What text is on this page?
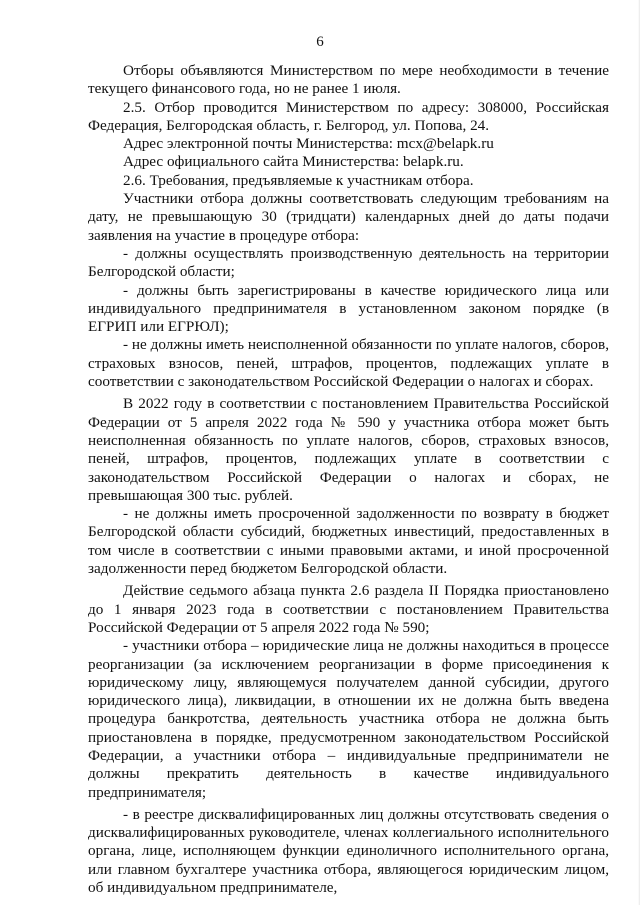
6

Отборы объявляются Министерством по мере необходимости в течение текущего финансового года, но не ранее 1 июля.

2.5. Отбор проводится Министерством по адресу: 308000, Российская Федерация, Белгородская область, г. Белгород, ул. Попова, 24.

Адрес электронной почты Министерства: mcx@belapk.ru

Адрес официального сайта Министерства: belapk.ru.

2.6. Требования, предъявляемые к участникам отбора.

Участники отбора должны соответствовать следующим требованиям на дату, не превышающую 30 (тридцати) календарных дней до даты подачи заявления на участие в процедуре отбора:

- должны осуществлять производственную деятельность на территории Белгородской области;

- должны быть зарегистрированы в качестве юридического лица или индивидуального предпринимателя в установленном законом порядке (в ЕГРИП или ЕГРЮЛ);

- не должны иметь неисполненной обязанности по уплате налогов, сборов, страховых взносов, пеней, штрафов, процентов, подлежащих уплате в соответствии с законодательством Российской Федерации о налогах и сборах.

В 2022 году в соответствии с постановлением Правительства Российской Федерации от 5 апреля 2022 года № 590 у участника отбора может быть неисполненная обязанность по уплате налогов, сборов, страховых взносов, пеней, штрафов, процентов, подлежащих уплате в соответствии с законодательством Российской Федерации о налогах и сборах, не превышающая 300 тыс. рублей.

- не должны иметь просроченной задолженности по возврату в бюджет Белгородской области субсидий, бюджетных инвестиций, предоставленных в том числе в соответствии с иными правовыми актами, и иной просроченной задолженности перед бюджетом Белгородской области.

Действие седьмого абзаца пункта 2.6 раздела II Порядка приостановлено до 1 января 2023 года в соответствии с постановлением Правительства Российской Федерации от 5 апреля 2022 года № 590;

- участники отбора – юридические лица не должны находиться в процессе реорганизации (за исключением реорганизации в форме присоединения к юридическому лицу, являющемуся получателем данной субсидии, другого юридического лица), ликвидации, в отношении их не должна быть введена процедура банкротства, деятельность участника отбора не должна быть приостановлена в порядке, предусмотренном законодательством Российской Федерации, а участники отбора – индивидуальные предприниматели не должны прекратить деятельность в качестве индивидуального предпринимателя;

- в реестре дисквалифицированных лиц должны отсутствовать сведения о дисквалифицированных руководителе, членах коллегиального исполнительного органа, лице, исполняющем функции единоличного исполнительного органа, или главном бухгалтере участника отбора, являющегося юридическим лицом, об индивидуальном предпринимателе,
